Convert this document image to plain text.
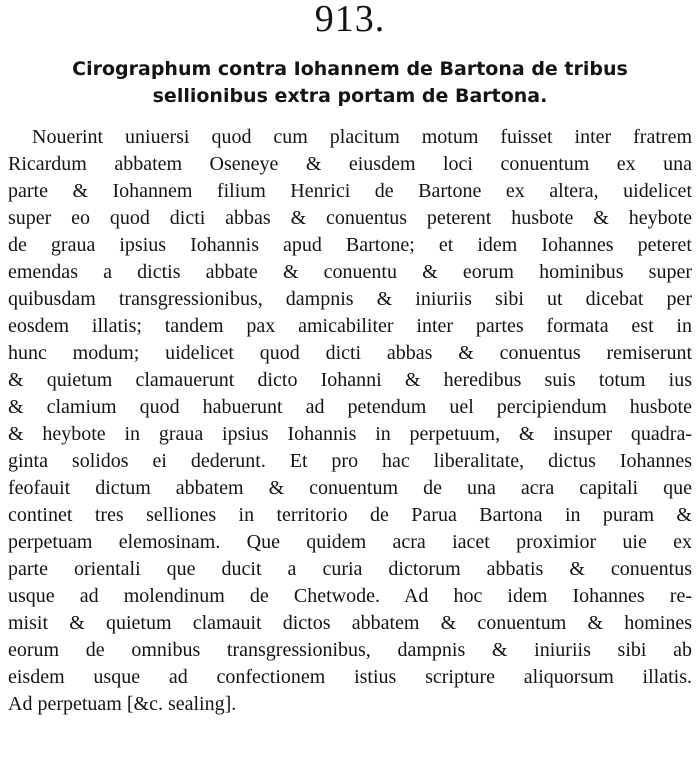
913.
Cirographum contra Iohannem de Bartona de tribus
sellionibus extra portam de Bartona.
Nouerint uniuersi quod cum placitum motum fuisset inter fratrem
Ricardum abbatem Oseneye & eiusdem loci conuentum ex una
parte & Iohannem filium Henrici de Bartone ex altera, uidelicet
super eo quod dicti abbas & conuentus peterent husbote & heybote
de graua ipsius Iohannis apud Bartone; et idem Iohannes peteret
emendas a dictis abbate & conuentu & eorum hominibus super
quibusdam transgressionibus, dampnis & iniuriis sibi ut dicebat per
eosdem illatis; tandem pax amicabiliter inter partes formata est in
hunc modum; uidelicet quod dicti abbas & conuentus remiserunt
& quietum clamauerunt dicto Iohanni & heredibus suis totum ius
& clamium quod habuerunt ad petendum uel percipiendum husbote
& heybote in graua ipsius Iohannis in perpetuum, & insuper quadra-
ginta solidos ei dederunt. Et pro hac liberalitate, dictus Iohannes
feofauit dictum abbatem & conuentum de una acra capitali que
continet tres selliones in territorio de Parua Bartona in puram &
perpetuam elemosinam. Que quidem acra iacet proximior uie ex
parte orientali que ducit a curia dictorum abbatis & conuentus
usque ad molendinum de Chetwode. Ad hoc idem Iohannes re-
misit & quietum clamauit dictos abbatem & conuentum & homines
eorum de omnibus transgressionibus, dampnis & iniuriis sibi ab
eisdem usque ad confectionem istius scripture aliquorsum illatis.
Ad perpetuam [&c. sealing].
